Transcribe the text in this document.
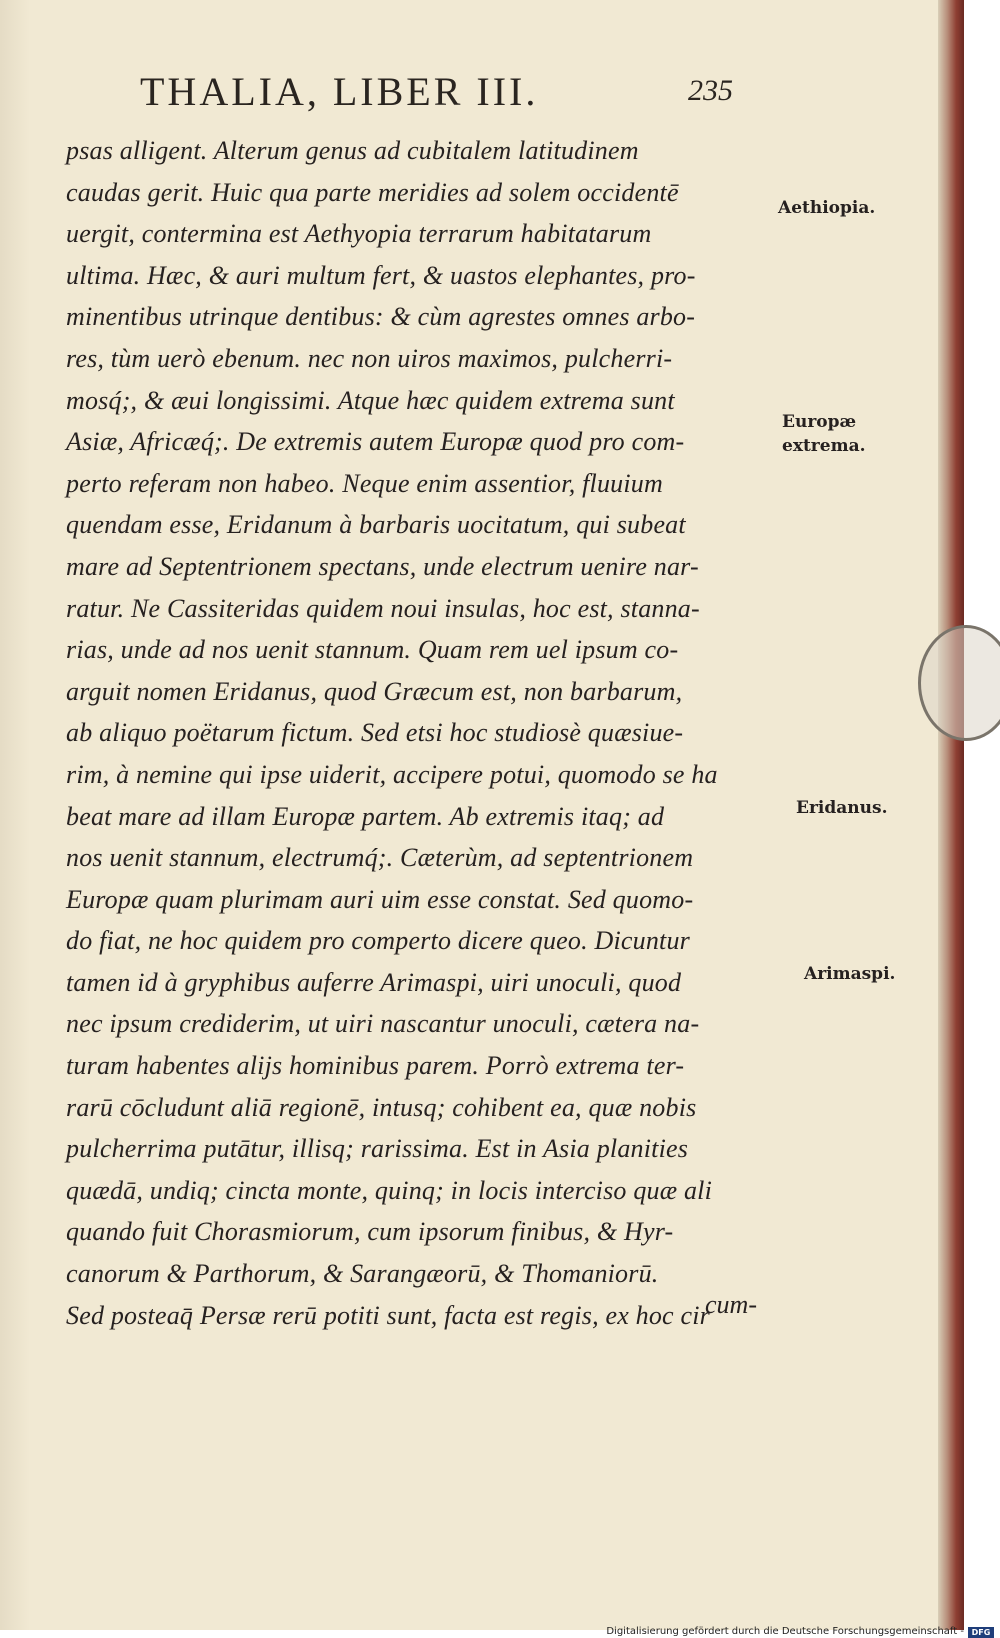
THALIA, LIBER III.	235
psas alligent. Alterum genus ad cubitalem latitudinem
caudas gerit. Huic qua parte meridies ad solem occidentē
uergit, contermina est Aethyopia terrarum habitatarum
ultima. Hæc, & auri multum fert, & uastos elephantes, pro-
minentibus utrinque dentibus: & cùm agrestes omnes arbo-
res, tùm uerò ebenum. nec non uiros maximos, pulcherri-
mosq́;, & æui longissimi. Atque hæc quidem extrema sunt
Asiæ, Africæq́;. De extremis autem Europæ quod pro com-
perto referam non habeo. Neque enim assentior, fluuium
quendam esse, Eridanum à barbaris uocitatum, qui subeat
mare ad Septentrionem spectans, unde electrum uenire nar-
ratur. Ne Cassiteridas quidem noui insulas, hoc est, stanna-
rias, unde ad nos uenit stannum. Quam rem uel ipsum co-
arguit nomen Eridanus, quod Græcum est, non barbarum,
ab aliquo poëtarum fictum. Sed etsi hoc studiosè quæsiue-
rim, à nemine qui ipse uiderit, accipere potui, quomodo se ha
beat mare ad illam Europæ partem. Ab extremis itaq; ad
nos uenit stannum, electrumq́;. Cæterùm, ad septentrionem
Europæ quam plurimam auri uim esse constat. Sed quomo-
do fiat, ne hoc quidem pro comperto dicere queo. Dicuntur
tamen id à gryphibus auferre Arimaspi, uiri unoculi, quod
nec ipsum crediderim, ut uiri nascantur unoculi, cætera na-
turam habentes alijs hominibus parem. Porrò extrema ter-
rarū cōcludunt aliā regionē, intusq; cohibent ea, quæ nobis
pulcherrima putātur, illisq; rarissima. Est in Asia planities
quædā, undiq; cincta monte, quinq; in locis interciso quæ ali
quando fuit Chorasmiorum, cum ipsorum finibus, & Hyr-
canorum & Parthorum, & Sarangæorū, & Thomaniorū.
Sed posteaq̄ Persæ rerū potiti sunt, facta est regis, ex hoc cir
cum-
Aethiopia.
Europæ extrema.
Eridanus.
Arimaspi.
Digitalisierung gefördert durch die Deutsche Forschungsgemeinschaft - DFG
